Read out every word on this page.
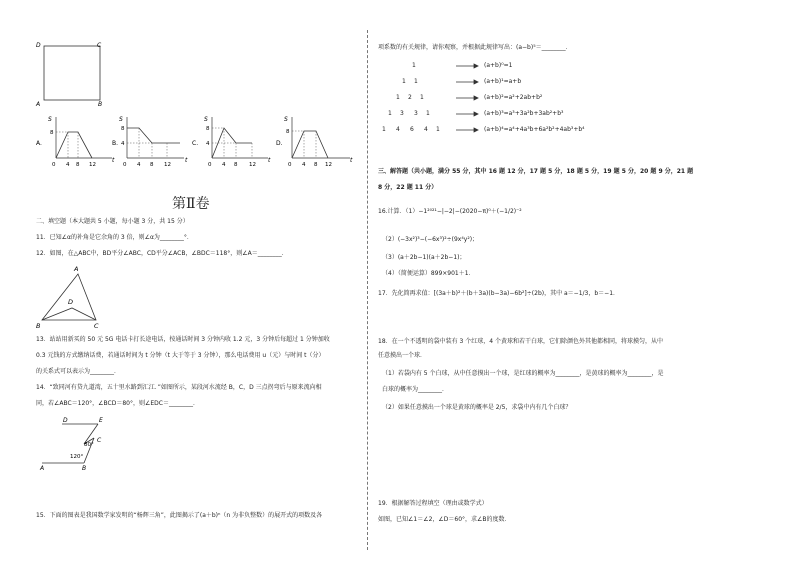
D	C
A	B
A.
S
8
0 4 8 12
t
B.
S
8
4
0 4 8 12
t
C.
S
8
4
0 4 8 12
t
D.
S
8
0 4 8 12
t
第Ⅱ卷
二、填空题（本大题共 5 小题，每小题 3 分，共 15 分）
11．已知∠α的补角是它余角的 3 倍，则∠α为________°．
12．如图，在△ABC中，BD平分∠ABC，CD平分∠ACB，∠BDC＝118°，则∠A＝________．
A
D
B	C
13．站站用新买的 50 元 5G 电话卡打长途电话，按通话时间 3 分钟内收 1.2 元，3 分钟后每超过 1 分钟加收
0.3 元钱的方式缴纳话费，若通话时间为 t 分钟（t 大于等于 3 分钟），那么电话费用 u（元）与时间 t（分）
的关系式可以表示为________．
14．“致同河有贷九道湾，五十里水路到汇江．”如图所示，某段河水流经 B，C，D 三点拐弯后与原来流向相
同，若∠ABC＝120°，∠BCD＝80°，则∠EDC＝________．
D	E
C
A	B
80°
120°
15．下面的图表是我国数学家发明的“杨辉三角”，此图揭示了(a＋b)ⁿ（n 为非负整数）的展开式的项数及各
项系数的有关规律，请你观察，并根据此规律写出：(a−b)⁵＝________．
1	(a+b)⁰=1
1 1	(a+b)¹=a+b
1 2 1	(a+b)²=a²+2ab+b²
1 3 3 1	(a+b)³=a³+3a²b+3ab²+b³
1 4 6 4 1	(a+b)⁴=a⁴+4a³b+6a²b²+4ab³+b⁴
三、解答题（共小题，满分 55 分，其中 16 题 12 分，17 题 5 分，18 题 5 分，19 题 5 分，20 题 9 分，21 题
8 分，22 题 11 分）
16.计算．（1）−1²⁰²¹−|−2|−(2020−π)⁰＋(−1/2)⁻²
（2）(−3x²)³−(−6x³)²÷(9x⁴y²)；
（3）(a＋2b−1)(a＋2b−1)；
（4）（简便运算）899×901＋1．
17．先化简再求值：[(3a＋b)²＋(b＋3a)(b−3a)−6b²]÷(2b)，其中 a＝−1/3，b＝−1．
18．在一个不透明的袋中装有 3 个红球，4 个黄球和若干白球，它们除颜色外其他都相同，将球摸匀，从中
任意摸出一个球．
（1）若袋内有 5 个白球，从中任意摸出一个球，是红球的概率为________，是黄球的概率为________，是
白球的概率为________．
（2）如果任意摸出一个球是黄球的概率是 2/5，求袋中内有几个白球？
19．根据解答过程填空（理由或数学式）
如图，已知∠1＝∠2，∠D＝60°，求∠B的度数．
